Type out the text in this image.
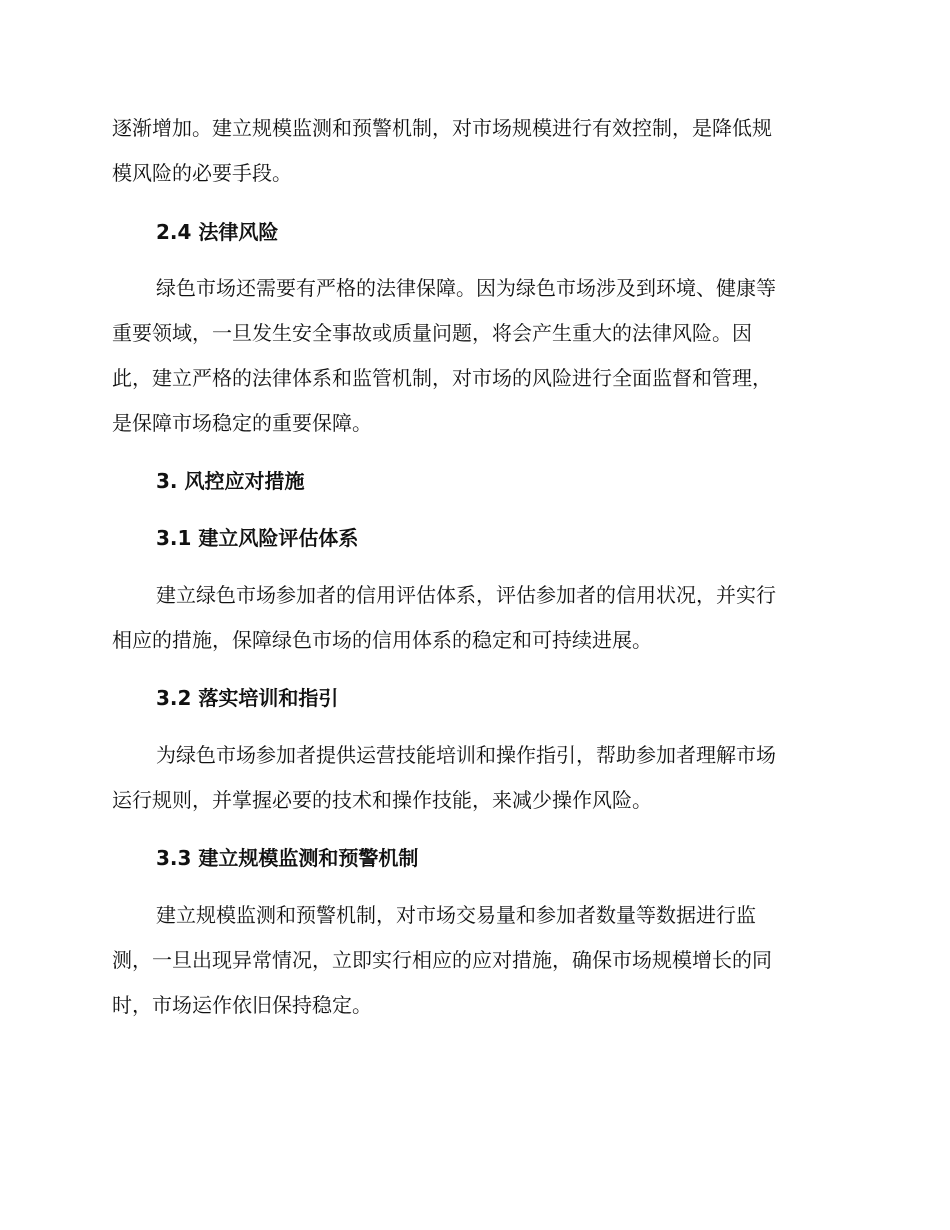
逐渐增加。建立规模监测和预警机制，对市场规模进行有效控制，是降低规
模风险的必要手段。
2.4 法律风险
绿色市场还需要有严格的法律保障。因为绿色市场涉及到环境、健康等
重要领域，一旦发生安全事故或质量问题，将会产生重大的法律风险。因
此，建立严格的法律体系和监管机制，对市场的风险进行全面监督和管理，
是保障市场稳定的重要保障。
3. 风控应对措施
3.1 建立风险评估体系
建立绿色市场参加者的信用评估体系，评估参加者的信用状况，并实行
相应的措施，保障绿色市场的信用体系的稳定和可持续进展。
3.2 落实培训和指引
为绿色市场参加者提供运营技能培训和操作指引，帮助参加者理解市场
运行规则，并掌握必要的技术和操作技能，来减少操作风险。
3.3 建立规模监测和预警机制
建立规模监测和预警机制，对市场交易量和参加者数量等数据进行监
测，一旦出现异常情况，立即实行相应的应对措施，确保市场规模增长的同
时，市场运作依旧保持稳定。
